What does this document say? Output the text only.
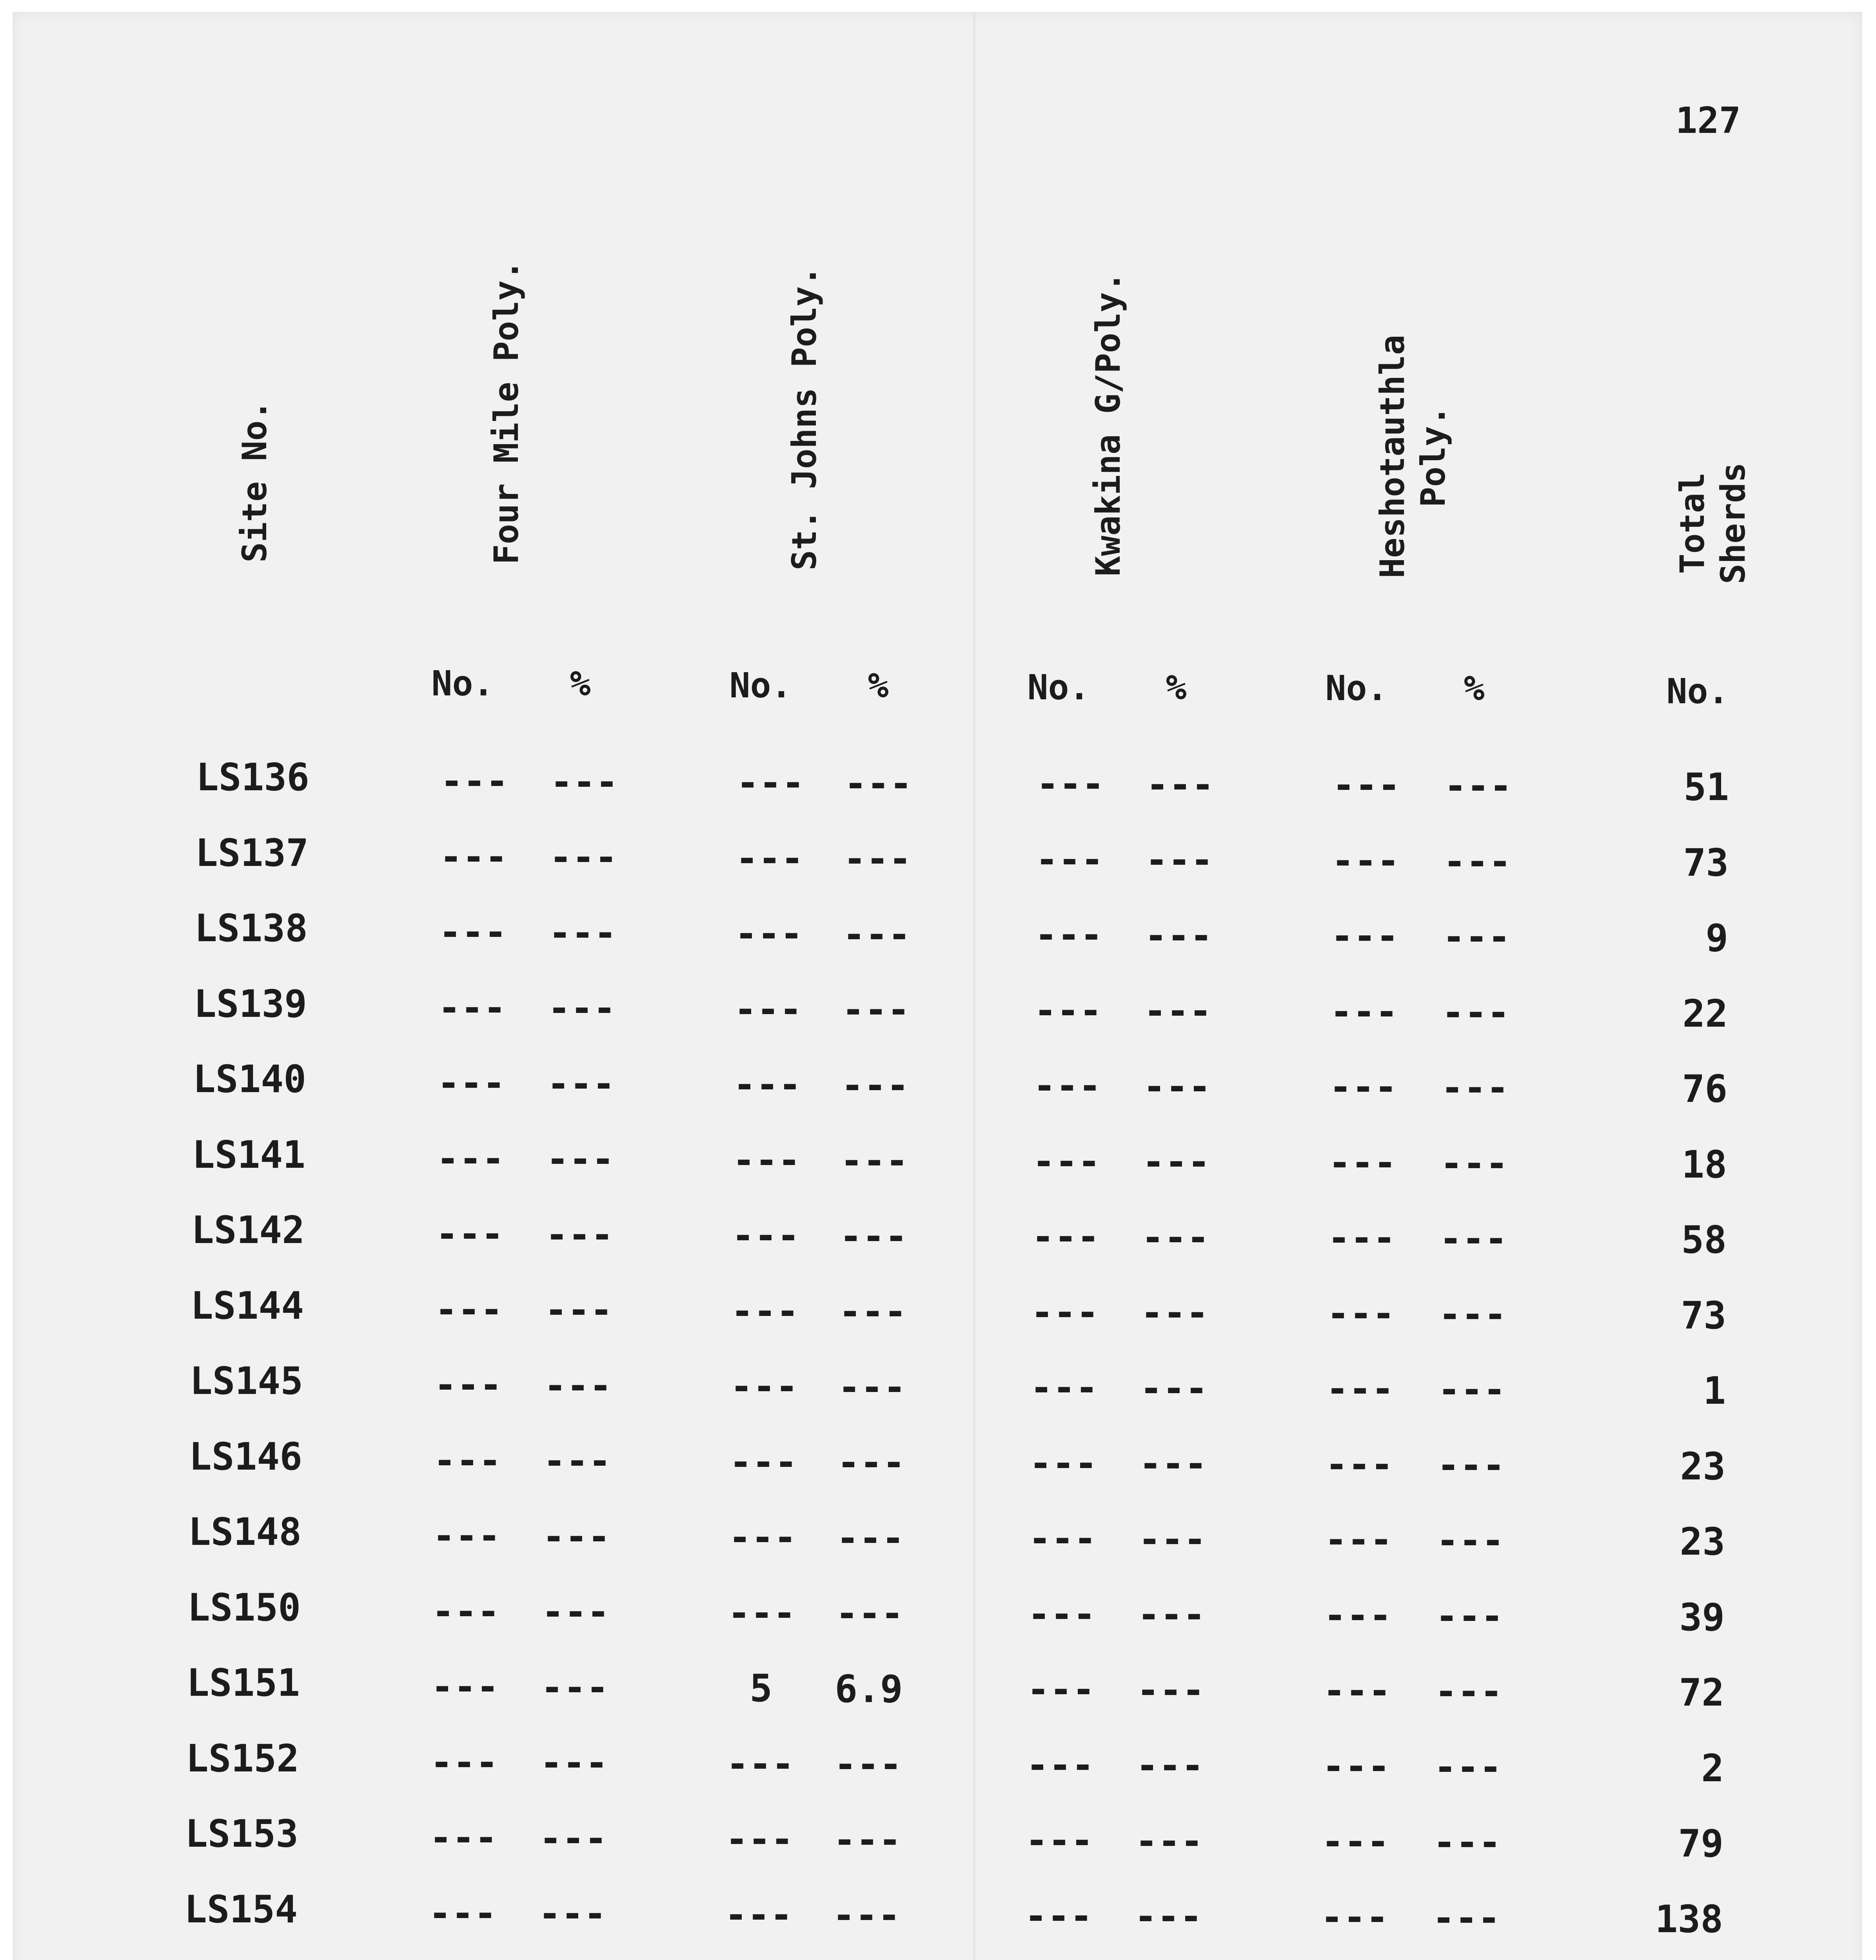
127
Site No.	Four Mile Poly.	St. Johns Poly.	Kwakina G/Poly.	Heshotauthla Poly.
Total Sherds
No.	%	No.	%	No.	%	No.	%	No.
LS136	---	---	---	---	---	---	---	---	51
LS137	---	---	---	---	---	---	---	---	73
LS138	---	---	---	---	---	---	---	---	9
LS139	---	---	---	---	---	---	---	---	22
LS140	---	---	---	---	---	---	---	---	76
LS141	---	---	---	---	---	---	---	---	18
LS142	---	---	---	---	---	---	---	---	58
LS144	---	---	---	---	---	---	---	---	73
LS145	---	---	---	---	---	---	---	---	1
LS146	---	---	---	---	---	---	---	---	23
LS148	---	---	---	---	---	---	---	---	23
LS150	---	---	---	---	---	---	---	---	39
LS151	---	---	5	6.9	---	---	---	---	72
LS152	---	---	---	---	---	---	---	---	2
LS153	---	---	---	---	---	---	---	---	79
LS154	---	---	---	---	---	---	---	---	138
